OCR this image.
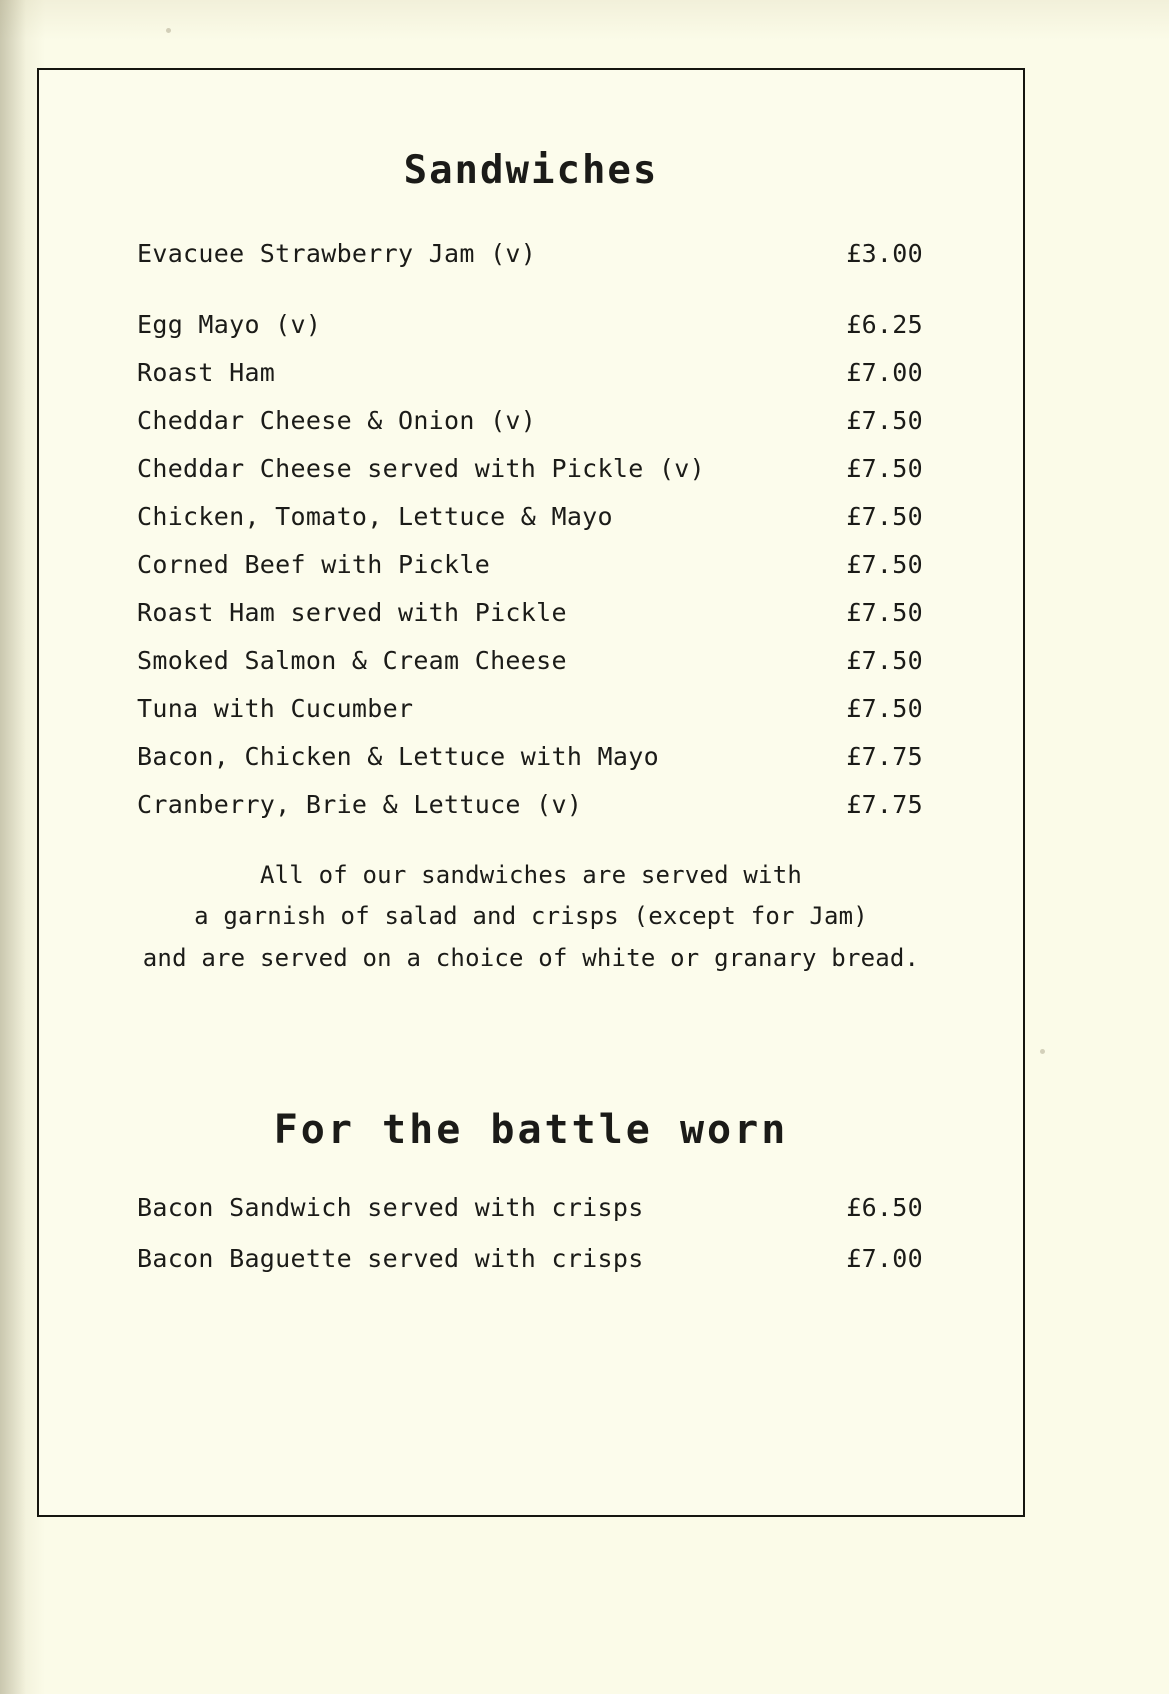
Sandwiches
Evacuee Strawberry Jam (v)	£3.00
Egg Mayo (v)	£6.25
Roast Ham	£7.00
Cheddar Cheese & Onion (v)	£7.50
Cheddar Cheese served with Pickle (v)	£7.50
Chicken, Tomato, Lettuce & Mayo	£7.50
Corned Beef with Pickle	£7.50
Roast Ham served with Pickle	£7.50
Smoked Salmon & Cream Cheese	£7.50
Tuna with Cucumber	£7.50
Bacon, Chicken & Lettuce with Mayo	£7.75
Cranberry, Brie & Lettuce (v)	£7.75
All of our sandwiches are served with
a garnish of salad and crisps (except for Jam)
and are served on a choice of white or granary bread.
For the battle worn
Bacon Sandwich served with crisps	£6.50
Bacon Baguette served with crisps	£7.00
